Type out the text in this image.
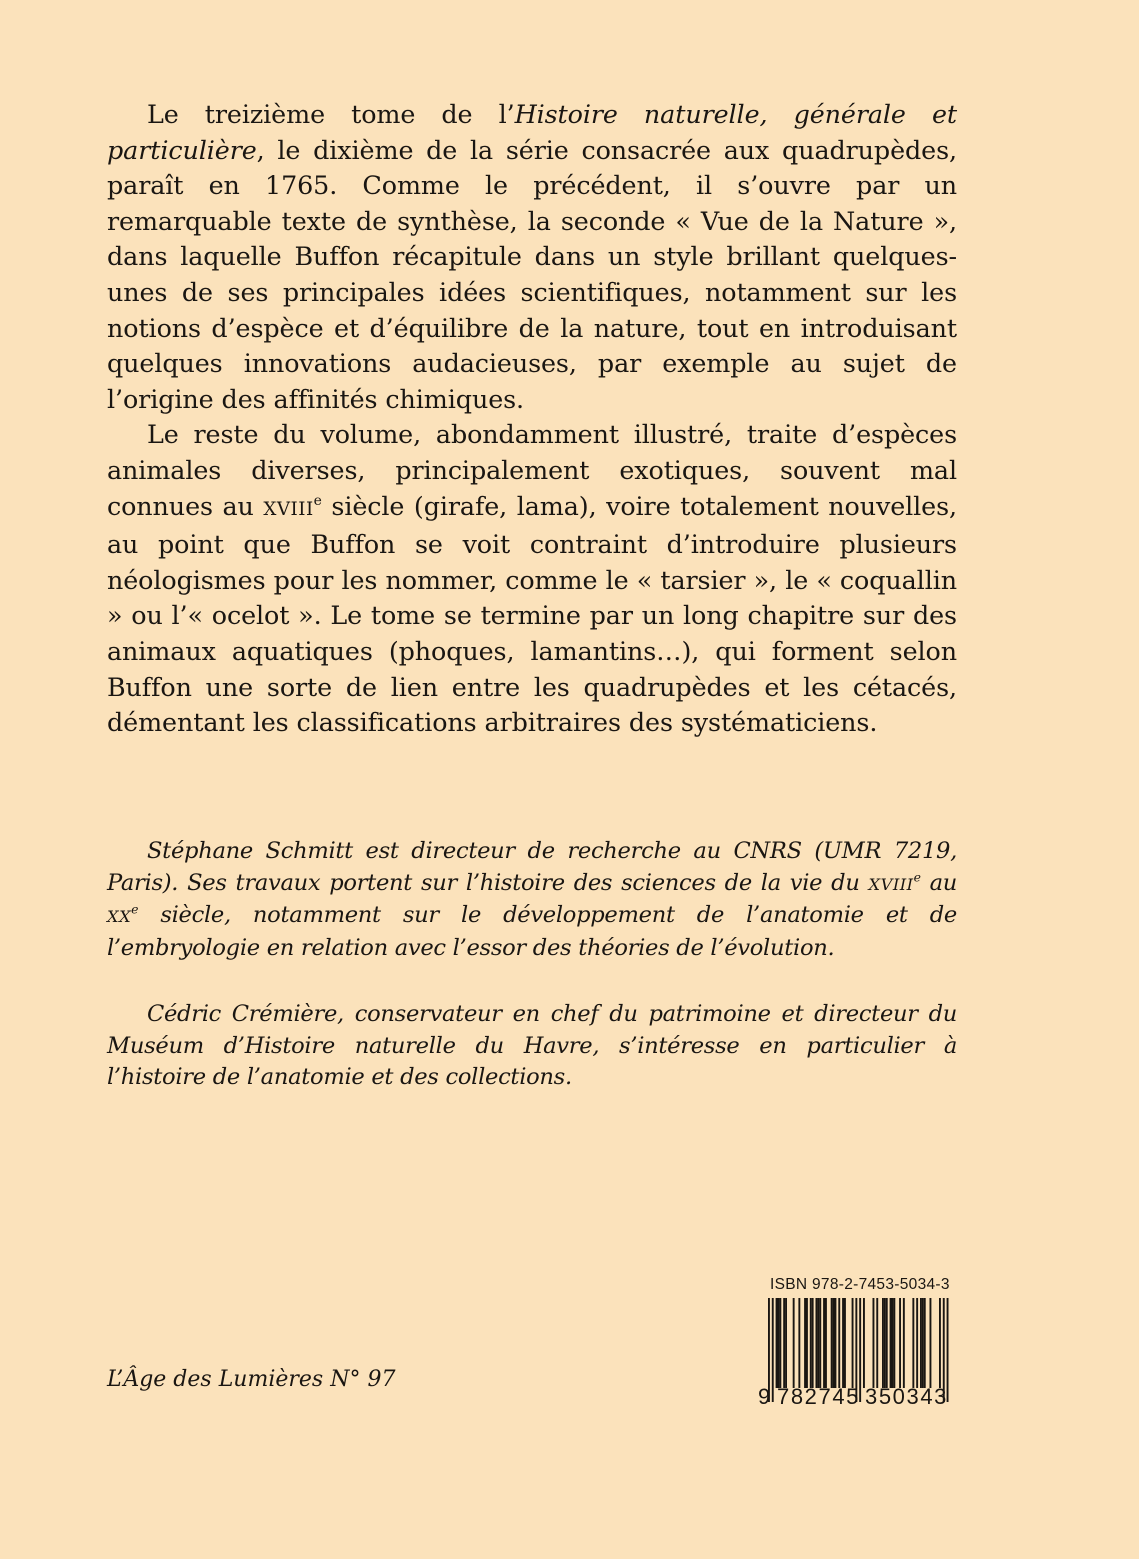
Le treizième tome de l’Histoire naturelle, générale et particulière, le dixième de la série consacrée aux quadrupèdes, paraît en 1765. Comme le précédent, il s’ouvre par un remarquable texte de synthèse, la seconde « Vue de la Nature », dans laquelle Buffon récapitule dans un style brillant quelques-unes de ses principales idées scientifiques, notamment sur les notions d’espèce et d’équilibre de la nature, tout en introduisant quelques innovations audacieuses, par exemple au sujet de l’origine des affinités chimiques.

Le reste du volume, abondamment illustré, traite d’espèces animales diverses, principalement exotiques, souvent mal connues au XVIIIe siècle (girafe, lama), voire totalement nouvelles, au point que Buffon se voit contraint d’introduire plusieurs néologismes pour les nommer, comme le « tarsier », le « coquallin » ou l’« ocelot ». Le tome se termine par un long chapitre sur des animaux aquatiques (phoques, lamantins…), qui forment selon Buffon une sorte de lien entre les quadrupèdes et les cétacés, démentant les classifications arbitraires des systématiciens.

Stéphane Schmitt est directeur de recherche au CNRS (UMR 7219, Paris). Ses travaux portent sur l’histoire des sciences de la vie du XVIIIe au XXe siècle, notamment sur le développement de l’anatomie et de l’embryologie en relation avec l’essor des théories de l’évolution.

Cédric Crémière, conservateur en chef du patrimoine et directeur du Muséum d’Histoire naturelle du Havre, s’intéresse en particulier à l’histoire de l’anatomie et des collections.

L’Âge des Lumières N° 97
ISBN 978-2-7453-5034-3
9 782745 350343
